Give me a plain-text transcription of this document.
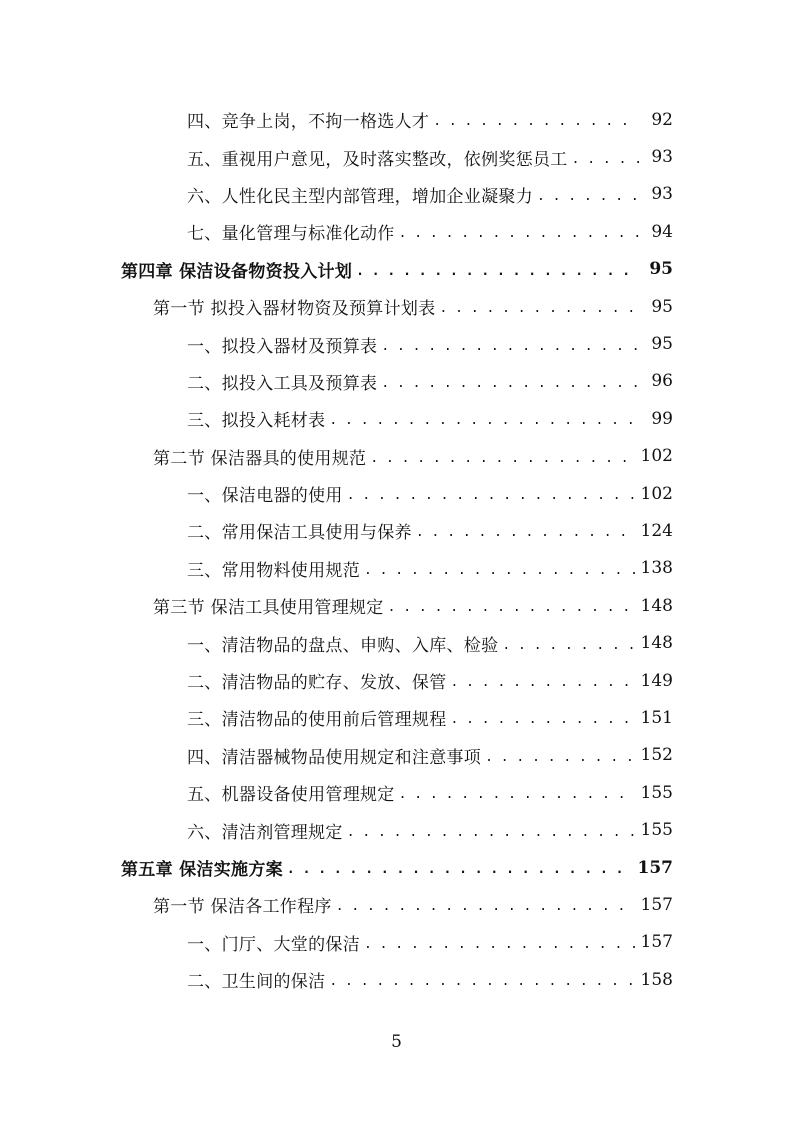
四、竞争上岗，不拘一格选人才 . . .	92
五、重视用户意见，及时落实整改，依例奖惩员工 . . .	93
六、人性化民主型内部管理，增加企业凝聚力 . . .	93
七、量化管理与标准化动作 . . .	94
第四章 保洁设备物资投入计划 . . .	95
第一节 拟投入器材物资及预算计划表 . . .	95
一、拟投入器材及预算表 . . .	95
二、拟投入工具及预算表 . . .	96
三、拟投入耗材表 . . .	99
第二节 保洁器具的使用规范 . . .	102
一、保洁电器的使用 . . .	102
二、常用保洁工具使用与保养 . . .	124
三、常用物料使用规范 . . .	138
第三节 保洁工具使用管理规定 . . .	148
一、清洁物品的盘点、申购、入库、检验 . . .	148
二、清洁物品的贮存、发放、保管 . . .	149
三、清洁物品的使用前后管理规程 . . .	151
四、清洁器械物品使用规定和注意事项 . . .	152
五、机器设备使用管理规定 . . .	155
六、清洁剂管理规定 . . .	155
第五章 保洁实施方案 . . .	157
第一节 保洁各工作程序 . . .	157
一、门厅、大堂的保洁 . . .	157
二、卫生间的保洁 . . .	158
5
